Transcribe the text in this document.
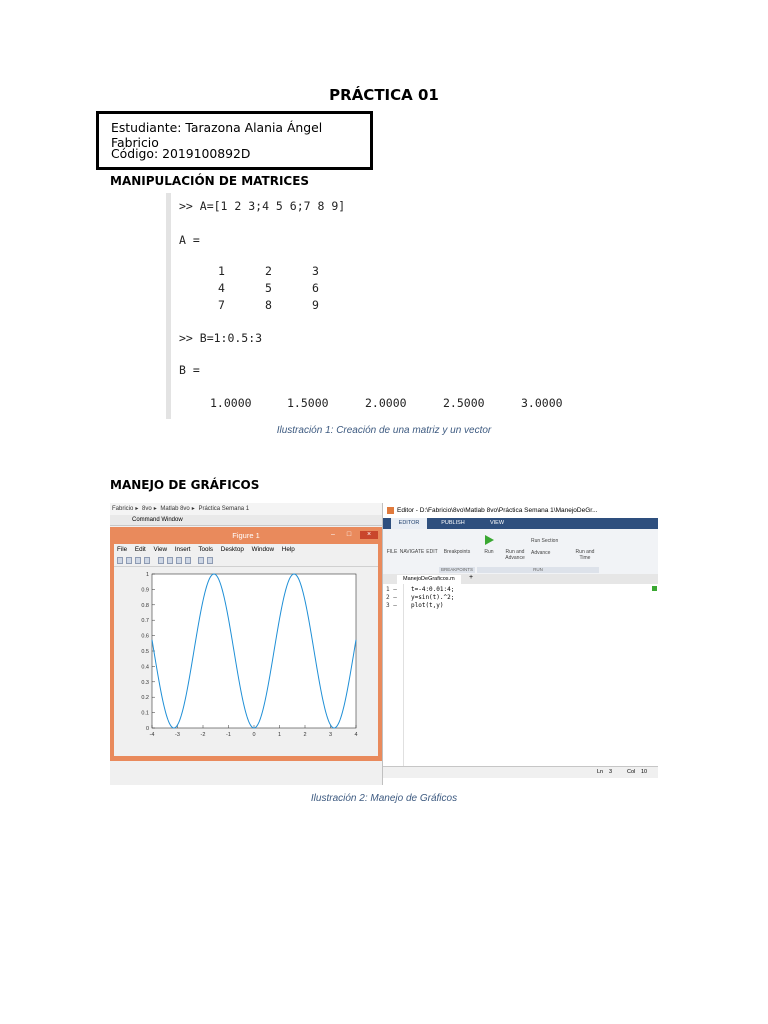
PRÁCTICA 01
Estudiante: Tarazona Alania Ángel Fabricio
Código: 2019100892D
MANIPULACIÓN DE MATRICES
>> A=[1 2 3;4 5 6;7 8 9]
A =
1	2	3
4	5	6
7	8	9
>> B=1:0.5:3
B =
1.0000	1.5000	2.0000	2.5000	3.0000
Ilustración 1: Creación de una matriz y un vector
MANEJO DE GRÁFICOS
Fabricio ▸ 8vo ▸ Matlab 8vo ▸ Práctica Semana 1
Command Window
Figure 1	–	□	×
File Edit View Insert Tools Desktop Window Help
0
0.1
0.2
0.3
0.4
0.5
0.6
0.7
0.8
0.9
1
-4	-3	-2	-1	0	1	2	3	4
Editor - D:\Fabricio\8vo\Matlab 8vo\Práctica Semana 1\ManejoDeGr...
EDITOR	PUBLISH	VIEW
FILE NAVIGATE EDIT	Breakpoints	Run	Run and Advance
Run Section
Advance	Run and Time
BREAKPOINTS	RUN
ManejoDeGraficos.m	+
1 – t=-4:0.01:4;
2 – y=sin(t).^2;
3 – plot(t,y)
Ln 3	Col 10
Ilustración 2: Manejo de Gráficos
